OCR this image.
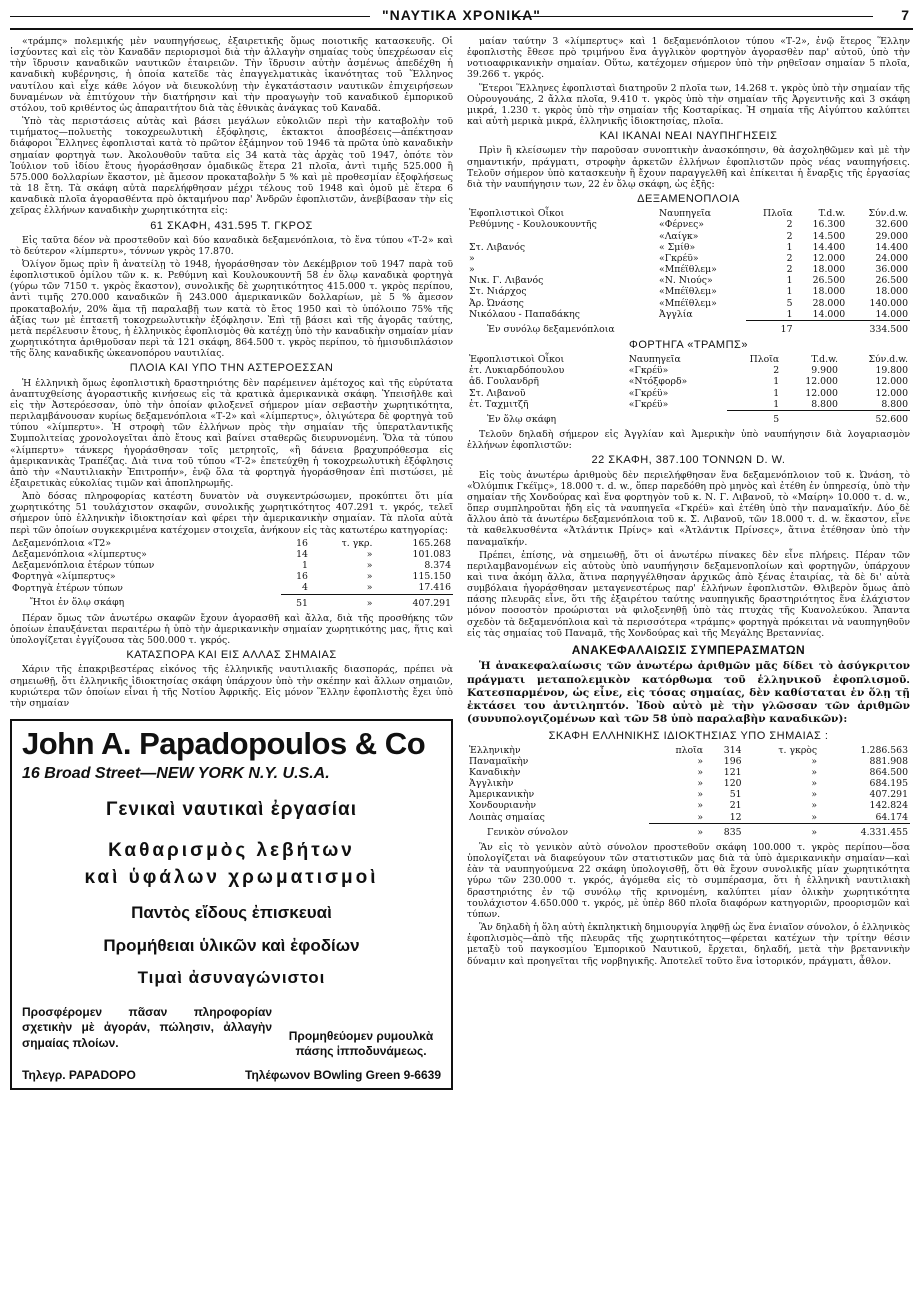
"ΝΑΥΤΙΚΑ ΧΡΟΝΙΚΑ"	7

«τράμπς» πολεμικής μὲν ναυπηγήσεως, ἐξαιρετικῆς ὅμως ποιοτικῆς κατασκευῆς. Οἱ ἰσχύοντες καὶ εἰς τὸν Καναδᾶν περιορισμοὶ διὰ τὴν ἀλλαγὴν σημαίας τοὺς ὑπεχρέωσαν εἰς τὴν ἵδρυσιν καναδικῶν ναυτικῶν ἑταιρειῶν. Τὴν ἵδρυσιν αὐτὴν ἀσμένως ἀπεδέχθη ἡ καναδικὴ κυβέρνησις, ἡ ὁποία κατεῖδε τὰς ἐπαγγελματικὰς ἱκανότητας τοῦ Ἕλληνος ναυτίλου καὶ εἶχε κάθε λόγον νὰ διευκολύνῃ τὴν ἐγκατάστασιν ναυτικῶν ἐπιχειρήσεων δυναμένων νὰ ἐπιτύχουν τὴν διατήρησιν καὶ τὴν προαγωγὴν τοῦ καναδικοῦ ἐμπορικοῦ στόλου, τοῦ κριθέντος ὡς ἀπαραιτήτου διὰ τὰς ἐθνικὰς ἀνάγκας τοῦ Καναδᾶ.

Ὑπὸ τὰς περιστάσεις αὐτὰς καὶ βάσει μεγάλων εὐκολιῶν περὶ τὴν καταβολὴν τοῦ τιμήματος—πολυετὴς τοκοχρεωλυτικὴ ἐξόφλησις, ἐκτακτοι ἀποσβέσεις—ἀπέκτησαν διάφοροι Ἕλληνες ἐφοπλισταὶ κατὰ τὸ πρῶτον ἑξάμηνον τοῦ 1946 τὰ πρῶτα ὑπὸ καναδικὴν σημαίαν φορτηγὰ των. Ἀκολουθοῦν ταῦτα εἰς 34 κατὰ τὰς ἀρχὰς τοῦ 1947, ὁπότε τὸν Ἰούλιον τοῦ ἰδίου ἔτους ἠγοράσθησαν ὁμαδικῶς ἕτερα 21 πλοῖα, ἀντὶ τιμῆς 525.000 ἢ 575.000 δολλαρίων ἕκαστον, μὲ ἄμεσον προκαταβολὴν 5 % καὶ μὲ προθεσμίαν ἐξοφλήσεως τὰ 18 ἔτη. Τὰ σκάφη αὐτὰ παρελήφθησαν μέχρι τέλους τοῦ 1948 καὶ ὁμοῦ μὲ ἕτερα 6 καναδικὰ πλοῖα ἀγορασθέντα πρὸ ὀκταμήνου παρ' Ἀνδρῶν ἐφοπλιστῶν, ἀνεβίβασαν τὴν εἰς χεῖρας ἑλλήνων καναδικὴν χωρητικότητα εἰς:

61 ΣΚΑΦΗ, 431.595 Τ. ΓΚΡΟΣ

Εἰς ταῦτα δέον νὰ προστεθοῦν καὶ δύο καναδικὰ δεξαμενόπλοια, τὸ ἕνα τύπου «Τ-2» καὶ τὸ δεύτερον «λίμπερτυ», τόννων γκρὸς 17.870.

Ὀλίγον ὅμως πρὶν ἢ ἀνατείλῃ τὸ 1948, ἠγοράσθησαν τὸν Δεκέμβριον τοῦ 1947 παρὰ τοῦ ἐφοπλιστικοῦ ὁμίλου τῶν κ. κ. Ρεθύμνη καὶ Κουλουκουντῆ 58 ἐν ὅλῳ καναδικὰ φορτηγὰ (γύρω τῶν 7150 τ. γκρὸς ἕκαστον), συνολικῆς δὲ χωρητικότητος 415.000 τ. γκρὸς περίπου, ἀντὶ τιμῆς 270.000 καναδικῶν ἢ 243.000 ἀμερικανικῶν δολλαρίων, μὲ 5 % ἄμεσον προκαταβολήν, 20% ἅμα τῇ παραλαβῇ των κατὰ τὸ ἔτος 1950 καὶ τὸ ὑπόλοιπο 75% τῆς ἀξίας των μὲ ἐπταετῆ τοκοχρεωλυτικὴν ἐξόφλησιν. Ἐπὶ τῇ βάσει καὶ τῆς ἀγορᾶς ταύτης, μετὰ περέλευσιν ἔτους, ἡ ἑλληνικὸς ἐφοπλισμὸς θὰ κατέχῃ ὑπὸ τὴν καναδικὴν σημαίαν μίαν χωρητικότητα ἀριθμοῦσαν περὶ τὰ 121 σκάφη, 864.500 τ. γκρὸς περίπου, τὸ ἡμισυδιπλάσιον τῆς ὅλης καναδικῆς ὠκεανοπόρου ναυτιλίας.

ΠΛΟΙΑ ΚΑΙ ΥΠΟ ΤΗΝ ΑΣΤΕΡΟΕΣΣΑΝ

Ἡ ἑλληνικὴ ὅμως ἐφοπλιστικὴ δραστηριότης δὲν παρέμεινεν ἀμέτοχος καὶ τῆς εὐρύτατα ἀναπτυχθείσης ἀγοραστικῆς κινήσεως εἰς τὰ κρατικὰ ἀμερικανικὰ σκάφη. Ὑπεισῆλθε καὶ εἰς τὴν Ἀστερόεσσαν, ὑπὸ τὴν ὁποίαν φιλοξενεῖ σήμερον μίαν σεβαστὴν χωρητικότητα, περιλαμβάνουσαν κυρίως δεξαμενόπλοια «Τ-2» καὶ «λίμπερτυς», ὀλιγώτερα δὲ φορτηγὰ τοῦ τύπου «λίμπερτυ». Ἡ στροφὴ τῶν ἑλλήνων πρὸς τὴν σημαίαν τῆς ὑπερατλαντικῆς Συμπολιτείας χρονολογεῖται ἀπὸ ἔτους καὶ βαίνει σταθερῶς διευρυνομένη. Ὅλα τὰ τύπου «λίμπερτυ» τάνκερς ἠγοράσθησαν τοῖς μετρητοῖς, «ἢ δάνεια βραχυπρόθεσμα εἰς ἀμερικανικὰς Τραπέζας. Διὰ τινα τοῦ τύπου «Τ-2» ἐπετεύχθη ἡ τοκοχρεωλυτικὴ ἐξόφλησις ἀπὸ τὴν «Ναυτιλιακὴν Ἐπιτροπήν», ἐνῷ ὅλα τὰ φορτηγὰ ἠγοράσθησαν ἐπὶ πιστώσει, μὲ ἐξαιρετικὰς εὐκολίας τιμῶν καὶ ἀποπληρωμῆς.

Ἀπὸ δόσας πληροφορίας κατέστη δυνατὸν νὰ συγκεντρώσωμεν, προκύπτει ὅτι μία χωρητικότης 51 τουλάχιστον σκαφῶν, συνολικῆς χωρητικότητος 407.291 τ. γκρός, τελεῖ σήμερον ὑπὸ ἑλληνικὴν ἰδιοκτησίαν καὶ φέρει τὴν ἀμερικανικὴν σημαίαν. Τὰ πλοῖα αὐτὰ περὶ τῶν ὁποίων συγκεκριμένα κατέχομεν στοιχεῖα, ἀνήκουν εἰς τὰς κατωτέρω κατηγορίας:

Δεξαμενόπλοια «Τ2»	16	τ. γκρ.	165.268
Δεξαμενόπλοια «λίμπερτυς»	14	»	101.083
Δεξαμενόπλοια ἑτέρων τύπων	1	»	8.374
Φορτηγὰ «λίμπερτυς»	16	»	115.150
Φορτηγὰ ἑτέρων τύπων	4	»	17.416
Ἤτοι ἐν ὅλῳ σκάφη	51	»	407.291

Πέραν ὅμως τῶν ἀνωτέρω σκαφῶν ἔχουν ἀγορασθῆ καὶ ἄλλα, διὰ τῆς προσθήκης τῶν ὁποίων ἐπαυξάνεται περαιτέρω ἡ ὑπὸ τὴν ἀμερικανικὴν σημαίαν χωρητικότης μας, ἥτις καὶ ὑπολογίζεται ἐγγίζουσα τὰς 500.000 τ. γκρός.

ΚΑΤΑΣΠΟΡΑ ΚΑΙ ΕΙΣ ΑΛΛΑΣ ΣΗΜΑΙΑΣ

Χάριν τῆς ἐπακριβεστέρας εἰκόνος τῆς ἑλληνικῆς ναυτιλιακῆς διασποράς, πρέπει νὰ σημειωθῇ, ὅτι ἑλληνικῆς ἰδιοκτησίας σκάφη ὑπάρχουν ὑπὸ τὴν σκέπην καὶ ἄλλων σημαιῶν, κυριώτερα τῶν ὁποίων εἶναι ἡ τῆς Νοτίου Ἀφρικῆς. Εἰς μόνον Ἕλλην ἐφοπλιστὴς ἔχει ὑπὸ τὴν σημαίαν

John A. Papadopoulos & Co
16 Broad Street—NEW YORK N.Y. U.S.A.
Γενικαὶ ναυτικαὶ ἐργασίαι
Καθαρισμὸς λεβήτων
καὶ ὑφάλων χρωματισμοὶ
Παντὸς εἴδους ἐπισκευαὶ
Προμήθειαι ὑλικῶν καὶ ἐφοδίων
Τιμαὶ ἀσυναγώνιστοι
Προσφέρομεν πᾶσαν πληροφορίαν σχετικὴν μὲ ἀγοράν, πώλησιν, ἀλλαγὴν σημαίας πλοίων.
Προμηθεύομεν ρυμουλκὰ πάσης ἱπποδυνάμεως.
Τηλεγρ. PAPADOPO	Τηλέφωνον BOwling Green 9-6639

μαίαν ταύτην 3 «λίμπερτυς» καὶ 1 δεξαμενόπλοιον τύπου «Τ-2», ἐνῷ ἕτερος Ἕλλην ἐφοπλιστὴς ἔθεσε πρὸ τριμήνου ἕνα ἀγγλικὸν φορτηγὸν ἀγορασθὲν παρ' αὐτοῦ, ὑπὸ τὴν νοτιοαφρικανικὴν σημαίαν. Οὕτω, κατέχομεν σήμερον ὑπὸ τὴν ρηθεῖσαν σημαίαν 5 πλοῖα, 39.266 τ. γκρός.

Ἕτεροι Ἕλληνες ἐφοπλισταὶ διατηροῦν 2 πλοῖα των, 14.268 τ. γκρὸς ὑπὸ τὴν σημαίαν τῆς Οὐρουγουάης, 2 ἄλλα πλοῖα, 9.410 τ. γκρὸς ὑπὸ τὴν σημαίαν τῆς Ἀργεντινῆς καὶ 3 σκάφη μικρά, 1.230 τ. γκρὸς ὑπὸ τὴν σημαίαν τῆς Κοσταρίκας. Ἡ σημαία τῆς Αἰγύπτου καλύπτει καὶ αὐτὴ μερικὰ μικρά, ἑλληνικῆς ἰδιοκτησίας, πλοῖα.

ΚΑΙ ΙΚΑΝΑΙ ΝΕΑΙ ΝΑΥΠΗΓΗΣΕΙΣ

Πρὶν ἢ κλείσωμεν τὴν παροῦσαν συνοπτικὴν ἀνασκόπησιν, θὰ ἀσχοληθῶμεν καὶ μὲ τὴν σημαντικήν, πράγματι, στροφὴν ἀρκετῶν ἑλλήνων ἐφοπλιστῶν πρὸς νέας ναυπηγήσεις. Τελοῦν σήμερον ὑπὸ κατασκευὴν ἢ ἔχουν παραγγελθῆ καὶ ἐπίκειται ἡ ἔναρξις τῆς ἐργασίας διὰ τὴν ναυπήγησιν των, 22 ἐν ὅλῳ σκάφη, ὡς ἑξῆς:

ΔΕΞΑΜΕΝΟΠΛΟΙΑ
Ἐφοπλιστικοὶ Οἶκοι	Ναυπηγεῖα	Πλοῖα	T.d.w.	Σύν.d.w.
Ρεθύμνης - Κουλουκουντῆς	«Φέρνες»	2	16.300	32.600
	«Λαίγκ»	2	14.500	29.000
Στ. Λιβανός	« Σμίθ»	1	14.400	14.400
»	«Γκρέϋ»	2	12.000	24.000
»	«Μπέϊθλεμ»	2	18.000	36.000
Νικ. Γ. Λιβανός	«Ν. Νιούς»	1	26.500	26.500
Στ. Νιάρχος	«Μπέϊθλεμ»	1	18.000	18.000
Ἀρ. Ὠνάσης	«Μπέϊθλεμ»	5	28.000	140.000
Νικόλαου - Παπαδάκης	Ἀγγλία	1	14.000	14.000
Ἐν συνόλῳ δεξαμενόπλοια		17		334.500
ΦΟΡΤΗΓΑ «ΤΡΑΜΠΣ»
Ἐφοπλιστικοὶ Οἶκοι	Ναυπηγεῖα	Πλοῖα	T.d.w.	Σύν.d.w.
ἐτ. Λυκιαρδόπουλου	«Γκρέϋ»	2	9.900	19.800
ἀδ. Γουλανδρῆ	«Ντόξφορδ»	1	12.000	12.000
Στ. Λιβανοῦ	«Γκρέϋ»	1	12.000	12.000
ἐτ. Ταχμιτζῆ	«Γκρέϋ»	1	8.800	8.800
Ἐν ὅλῳ σκάφη		5		52.600

Τελοῦν δηλαδὴ σήμερον εἰς Ἀγγλίαν καὶ Ἀμερικὴν ὑπὸ ναυπήγησιν διὰ λογαριασμὸν ἑλλήνων ἐφοπλιστῶν:

22 ΣΚΑΦΗ, 387.100 ΤΟΝΝΩΝ D. W.

Εἰς τοὺς ἀνωτέρω ἀριθμοὺς δὲν περιελήφθησαν ἕνα δεξαμενόπλοιον τοῦ κ. Ὠνάση, τὸ «Ὀλύμπικ Γκέϊμς», 18.000 τ. d. w., ὅπερ παρεδόθη πρὸ μηνὸς καὶ ἐτέθη ἐν ὑπηρεσίᾳ, ὑπὸ τὴν σημαίαν τῆς Χονδούρας καὶ ἕνα φορτηγὸν τοῦ κ. Ν. Γ. Λιβανοῦ, τὸ «Μαίρη» 10.000 τ. d. w., ὅπερ συμπληροῦται ἤδη εἰς τὰ ναυπηγεῖα «Γκρέϋ» καὶ ἐτέθη ὑπὸ τὴν παναμαϊκήν. Δύο δὲ ἄλλου ἀπὸ τὰ ἀνωτέρω δεξαμενόπλοια τοῦ κ. Σ. Λιβανοῦ, τῶν 18.000 τ. d. w. ἕκαστον, εἶνε τὰ καθελκυσθέντα «Ἀτλάντικ Πρίνς» καὶ «Ἀτλάντικ Πρίνσες», ἅτινα ἐτέθησαν ὑπὸ τὴν παναμαϊκήν.

Πρέπει, ἐπίσης, νὰ σημειωθῇ, ὅτι οἱ ἀνωτέρω πίνακες δὲν εἶνε πλήρεις. Πέραν τῶν περιλαμβανομένων εἰς αὐτοὺς ὑπὸ ναυπήγησιν δεξαμενοπλοίων καὶ φορτηγῶν, ὑπάρχουν καὶ τινα ἀκόμη ἄλλα, ἅτινα παρηγγέλθησαν ἀρχικῶς ἀπὸ ξένας ἑταιρίας, τὰ δὲ δι' αὐτὰ συμβόλαια ἠγοράσθησαν μεταγενεστέρως παρ' ἑλλήνων ἐφοπλιστῶν. Θλιβερὸν ὅμως ἀπὸ πάσης πλευρᾶς εἶνε, ὅτι τῆς ἐξαιρέτου ταύτης ναυπηγικῆς δραστηριότητος ἕνα ἐλάχιστον μόνον ποσοστὸν προώρισται νὰ φιλοξενηθῇ ὑπὸ τὰς πτυχὰς τῆς Κυανολεύκου. Ἅπαντα σχεδὸν τὰ δεξαμενόπλοια καὶ τὰ περισσότερα «τράμπς» φορτηγὰ πρόκειται νὰ ναυπηγηθοῦν εἰς τὰς σημαίας τοῦ Παναμᾶ, τῆς Χονδούρας καὶ τῆς Μεγάλης Βρεταννίας.

ΑΝΑΚΕΦΑΛΑΙΩΣΙΣ ΣΥΜΠΕΡΑΣΜΑΤΩΝ

Ἡ ἀνακεφαλαίωσις τῶν ἀνωτέρω ἀριθμῶν μᾶς δίδει τὸ ἀσύγκριτον πράγματι μεταπολεμικὸν κατόρθωμα τοῦ ἑλληνικοῦ ἐφοπλισμοῦ. Κατεσπαρμένον, ὡς εἶνε, εἰς τόσας σημαίας, δὲν καθίσταται ἐν ὅλῃ τῇ ἐκτάσει του ἀντιληπτόν. Ἰδοὺ αὐτὸ μὲ τὴν γλῶσσαν τῶν ἀριθμῶν (συνυπολογιζομένων καὶ τῶν 58 ὑπὸ παραλαβὴν καναδικῶν):

ΣΚΑΦΗ ΕΛΛΗΝΙΚΗΣ ΙΔΙΟΚΤΗΣΙΑΣ ΥΠΟ ΣΗΜΑΙΑΣ :
Ἑλληνικὴν	πλοῖα	314	τ. γκρὸς	1.286.563
Παναμαϊκὴν	»	196	»	881.908
Καναδικὴν	»	121	»	864.500
Ἀγγλικὴν	»	120	»	684.195
Ἀμερικανικὴν	»	51	»	407.291
Χονδουριανὴν	»	21	»	142.824
Λοιπὰς σημαίας	»	12	»	64.174
Γενικὸν σύνολον	»	835	»	4.331.455

Ἂν εἰς τὸ γενικὸν αὐτὸ σύνολον προστεθοῦν σκάφη 100.000 τ. γκρὸς περίπου—ὅσα ὑπολογίζεται νὰ διαφεύγουν τῶν στατιστικῶν μας διὰ τὰ ὑπὸ ἀμερικανικὴν σημαίαν—καὶ ἐὰν τὰ ναυπηγούμενα 22 σκάφη ὑπολογισθῇ, ὅτι θὰ ἔχουν συνολικῆς μίαν χωρητικότητα γύρω τῶν 230.000 τ. γκρός, ἀγόμεθα εἰς τὸ συμπέρασμα, ὅτι ἡ ἑλληνικὴ ναυτιλιακὴ δραστηριότης ἐν τῷ συνόλῳ τῆς κρινομένη, καλύπτει μίαν ὁλικὴν χωρητικότητα τουλάχιστον 4.650.000 τ. γκρός, μὲ ὑπὲρ 860 πλοῖα διαφόρων κατηγοριῶν, προορισμῶν καὶ τύπων.

Ἂν δηλαδὴ ἡ ὅλη αὐτὴ ἐκπληκτικὴ δημιουργία ληφθῇ ὡς ἕνα ἑνιαῖον σύνολον, ὁ ἑλληνικὸς ἐφοπλισμὸς—ἀπὸ τῆς πλευρᾶς τῆς χωρητικότητος—φέρεται κατέχων τὴν τρίτην θέσιν μεταξὺ τοῦ παγκοσμίου Ἐμπορικοῦ Ναυτικοῦ, ἔρχεται, δηλαδή, μετὰ τὴν βρεταννικὴν δύναμιν καὶ προηγεῖται τῆς νορβηγικῆς. Ἀποτελεῖ τοῦτο ἕνα ἱστορικόν, πράγματι, ἆθλον.
